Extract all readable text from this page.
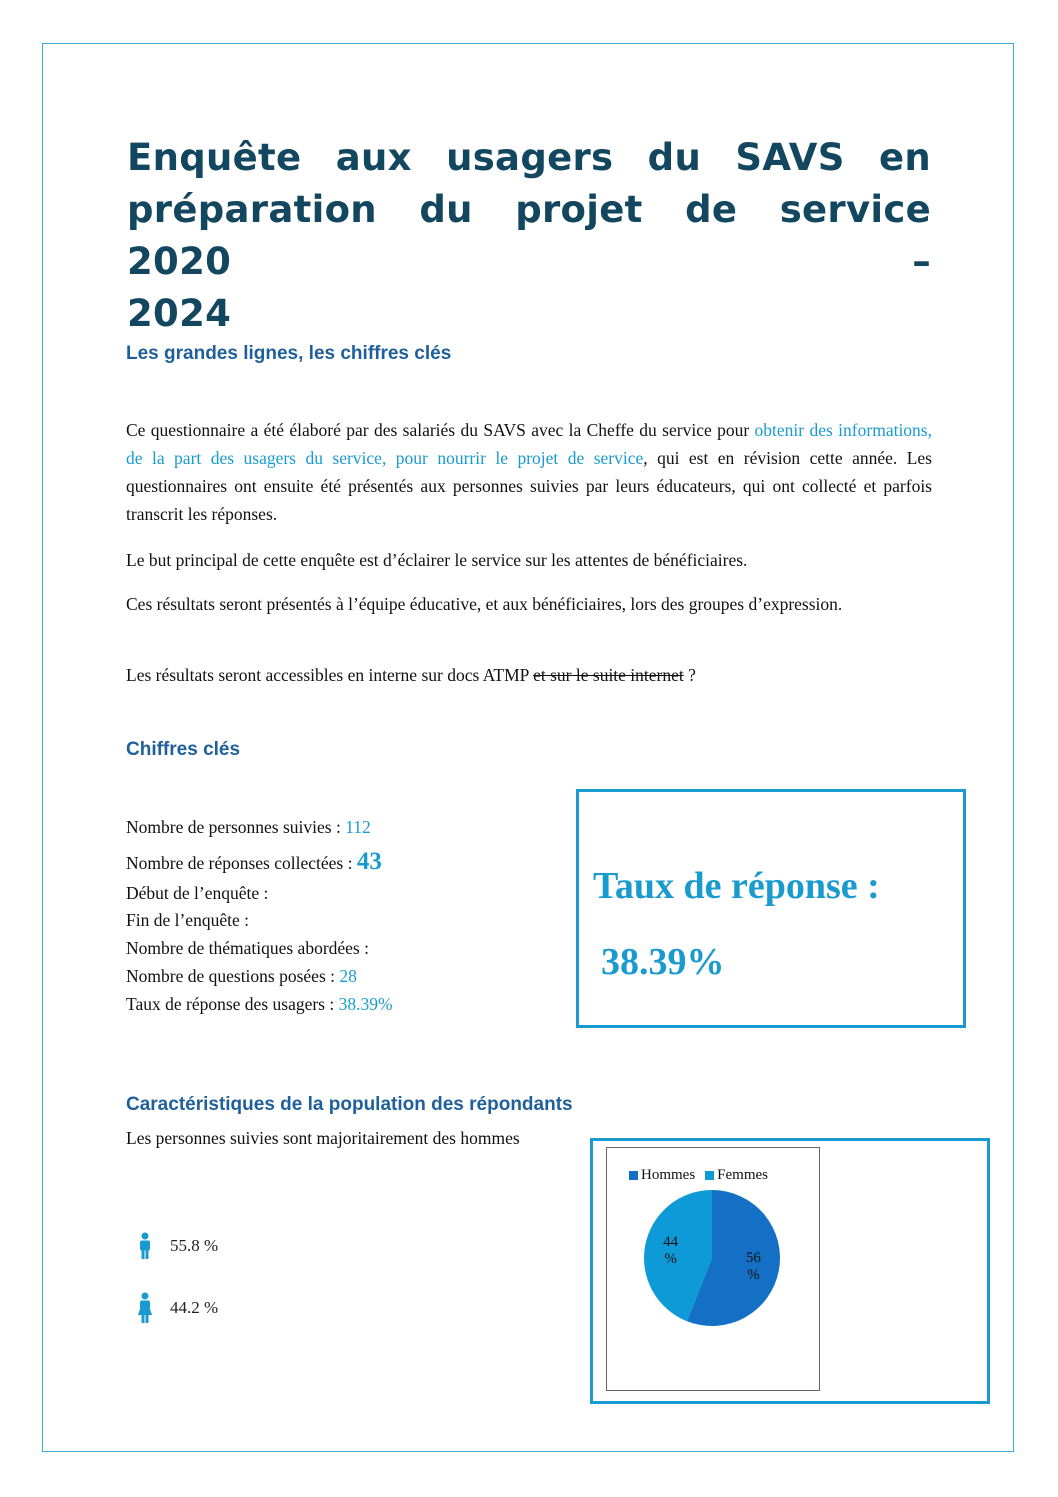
Enquête aux usagers du SAVS en
préparation du projet de service 2020 –
2024
Les grandes lignes, les chiffres clés
Ce questionnaire a été élaboré par des salariés du SAVS avec la Cheffe du service pour obtenir des informations, de la part des usagers du service, pour nourrir le projet de service, qui est en révision cette année. Les questionnaires ont ensuite été présentés aux personnes suivies par leurs éducateurs, qui ont collecté et parfois transcrit les réponses.
Le but principal de cette enquête est d’éclairer le service sur les attentes de bénéficiaires.
Ces résultats seront présentés à l’équipe éducative, et aux bénéficiaires, lors des groupes d’expression.
Les résultats seront accessibles en interne sur docs ATMP et sur le suite internet ?
Chiffres clés
Nombre de personnes suivies : 112
Nombre de réponses collectées : 43
Début de l’enquête :
Fin de l’enquête :
Nombre de thématiques abordées :
Nombre de questions posées : 28
Taux de réponse des usagers : 38.39%
Taux de réponse :
38.39%
Caractéristiques de la population des répondants
Les personnes suivies sont majoritairement des hommes
55.8 %
44.2 %
Hommes Femmes
56 %
44 %
